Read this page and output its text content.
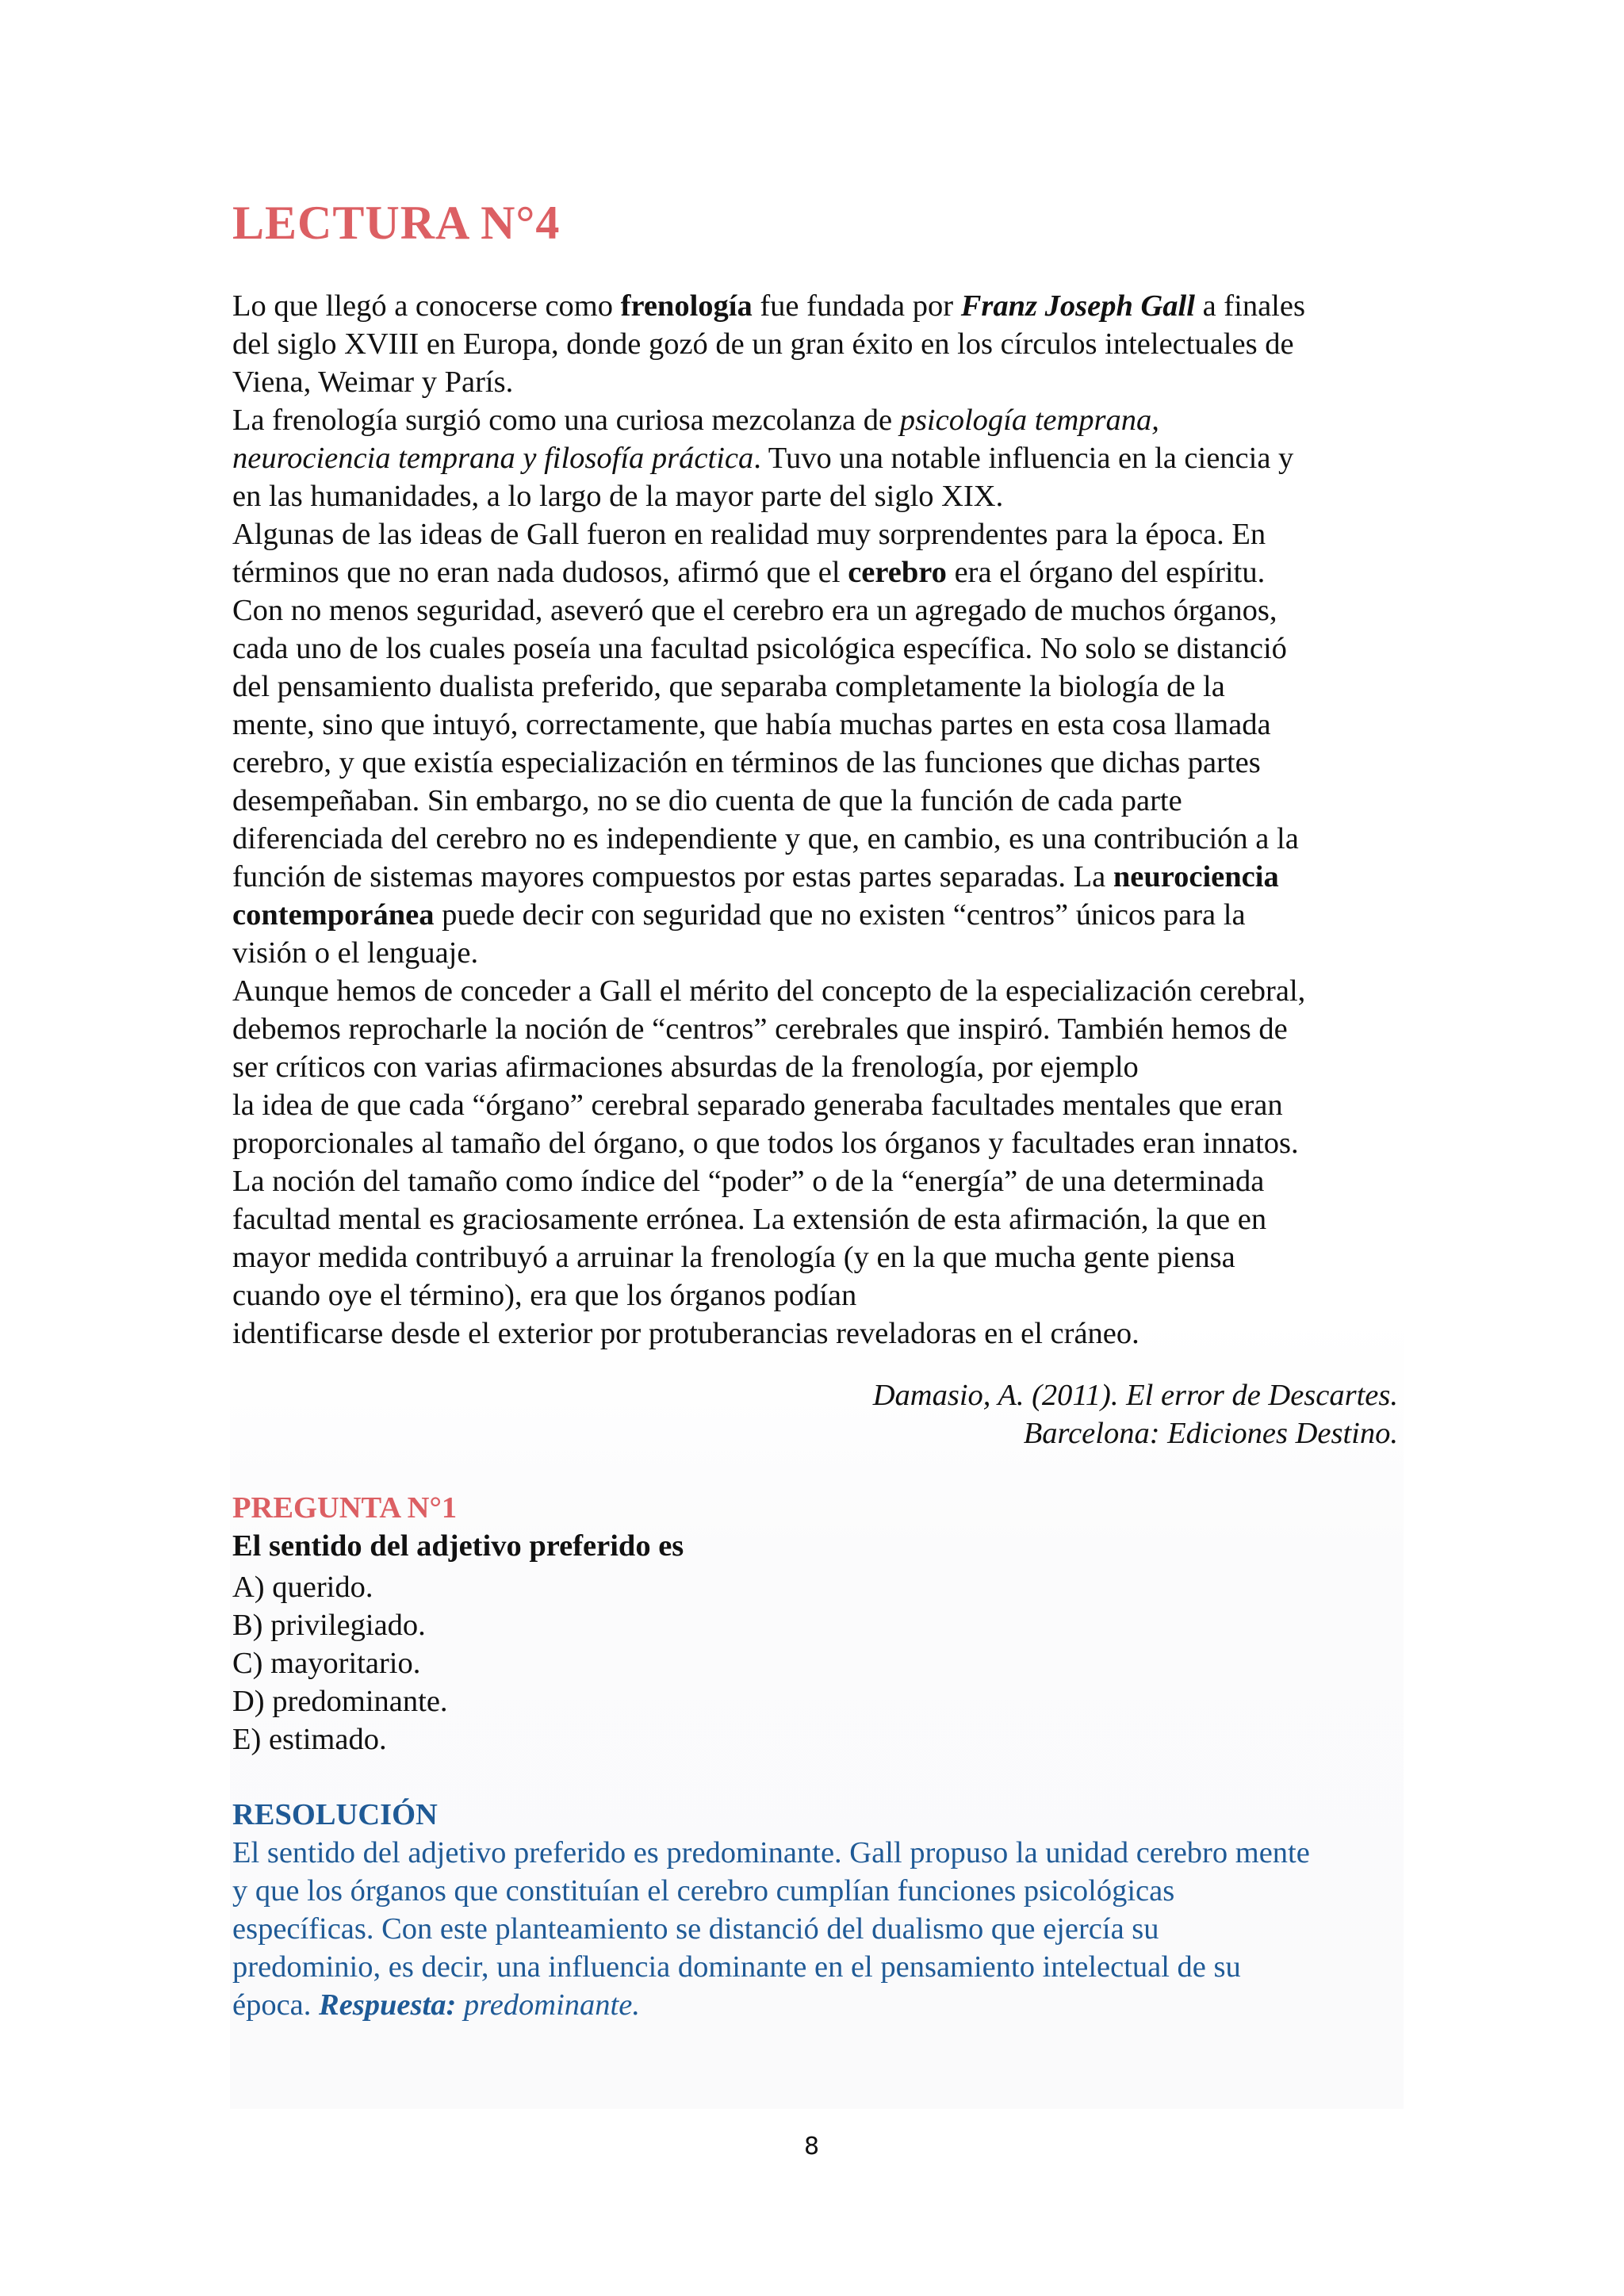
LECTURA N°4
Lo que llegó a conocerse como frenología fue fundada por Franz Joseph Gall a finales
del siglo XVIII en Europa, donde gozó de un gran éxito en los círculos intelectuales de
Viena, Weimar y París.
La frenología surgió como una curiosa mezcolanza de psicología temprana,
neurociencia temprana y filosofía práctica. Tuvo una notable influencia en la ciencia y
en las humanidades, a lo largo de la mayor parte del siglo XIX.
Algunas de las ideas de Gall fueron en realidad muy sorprendentes para la época. En
términos que no eran nada dudosos, afirmó que el cerebro era el órgano del espíritu.
Con no menos seguridad, aseveró que el cerebro era un agregado de muchos órganos,
cada uno de los cuales poseía una facultad psicológica específica. No solo se distanció
del pensamiento dualista preferido, que separaba completamente la biología de la
mente, sino que intuyó, correctamente, que había muchas partes en esta cosa llamada
cerebro, y que existía especialización en términos de las funciones que dichas partes
desempeñaban. Sin embargo, no se dio cuenta de que la función de cada parte
diferenciada del cerebro no es independiente y que, en cambio, es una contribución a la
función de sistemas mayores compuestos por estas partes separadas. La neurociencia
contemporánea puede decir con seguridad que no existen “centros” únicos para la
visión o el lenguaje.
Aunque hemos de conceder a Gall el mérito del concepto de la especialización cerebral,
debemos reprocharle la noción de “centros” cerebrales que inspiró. También hemos de
ser críticos con varias afirmaciones absurdas de la frenología, por ejemplo
la idea de que cada “órgano” cerebral separado generaba facultades mentales que eran
proporcionales al tamaño del órgano, o que todos los órganos y facultades eran innatos.
La noción del tamaño como índice del “poder” o de la “energía” de una determinada
facultad mental es graciosamente errónea. La extensión de esta afirmación, la que en
mayor medida contribuyó a arruinar la frenología (y en la que mucha gente piensa
cuando oye el término), era que los órganos podían
identificarse desde el exterior por protuberancias reveladoras en el cráneo.
Damasio, A. (2011). El error de Descartes.
Barcelona: Ediciones Destino.
PREGUNTA N°1
El sentido del adjetivo preferido es
A) querido.
B) privilegiado.
C) mayoritario.
D) predominante.
E) estimado.
RESOLUCIÓN
El sentido del adjetivo preferido es predominante. Gall propuso la unidad cerebro mente
y que los órganos que constituían el cerebro cumplían funciones psicológicas
específicas. Con este planteamiento se distanció del dualismo que ejercía su
predominio, es decir, una influencia dominante en el pensamiento intelectual de su
época. Respuesta: predominante.
8
